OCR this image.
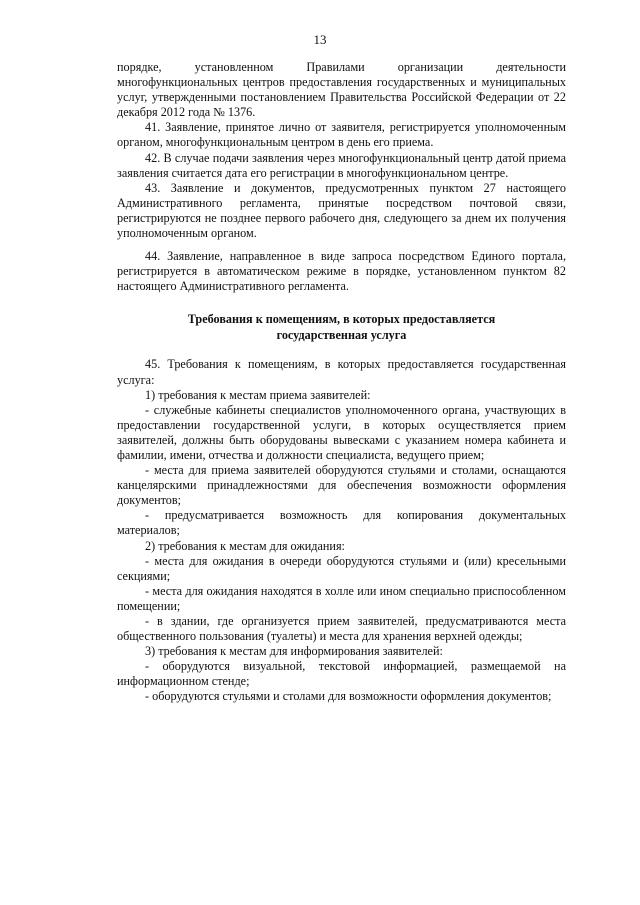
13

порядке, установленном Правилами организации деятельности многофункциональных центров предоставления государственных и муниципальных услуг, утвержденными постановлением Правительства Российской Федерации от 22 декабря 2012 года № 1376.

41. Заявление, принятое лично от заявителя, регистрируется уполномоченным органом, многофункциональным центром в день его приема.

42. В случае подачи заявления через многофункциональный центр датой приема заявления считается дата его регистрации в многофункциональном центре.

43. Заявление и документов, предусмотренных пунктом 27 настоящего Административного регламента, принятые посредством почтовой связи, регистрируются не позднее первого рабочего дня, следующего за днем их получения уполномоченным органом.

44. Заявление, направленное в виде запроса посредством Единого портала, регистрируется в автоматическом режиме в порядке, установленном пунктом 82 настоящего Административного регламента.

Требования к помещениям, в которых предоставляется
государственная услуга

45. Требования к помещениям, в которых предоставляется государственная услуга:

1) требования к местам приема заявителей:

- служебные кабинеты специалистов уполномоченного органа, участвующих в предоставлении государственной услуги, в которых осуществляется прием заявителей, должны быть оборудованы вывесками с указанием номера кабинета и фамилии, имени, отчества и должности специалиста, ведущего прием;

- места для приема заявителей оборудуются стульями и столами, оснащаются канцелярскими принадлежностями для обеспечения возможности оформления документов;

- предусматривается возможность для копирования документальных материалов;

2) требования к местам для ожидания:

- места для ожидания в очереди оборудуются стульями и (или) кресельными секциями;

- места для ожидания находятся в холле или ином специально приспособленном помещении;

- в здании, где организуется прием заявителей, предусматриваются места общественного пользования (туалеты) и места для хранения верхней одежды;

3) требования к местам для информирования заявителей:

- оборудуются визуальной, текстовой информацией, размещаемой на информационном стенде;

- оборудуются стульями и столами для возможности оформления документов;
